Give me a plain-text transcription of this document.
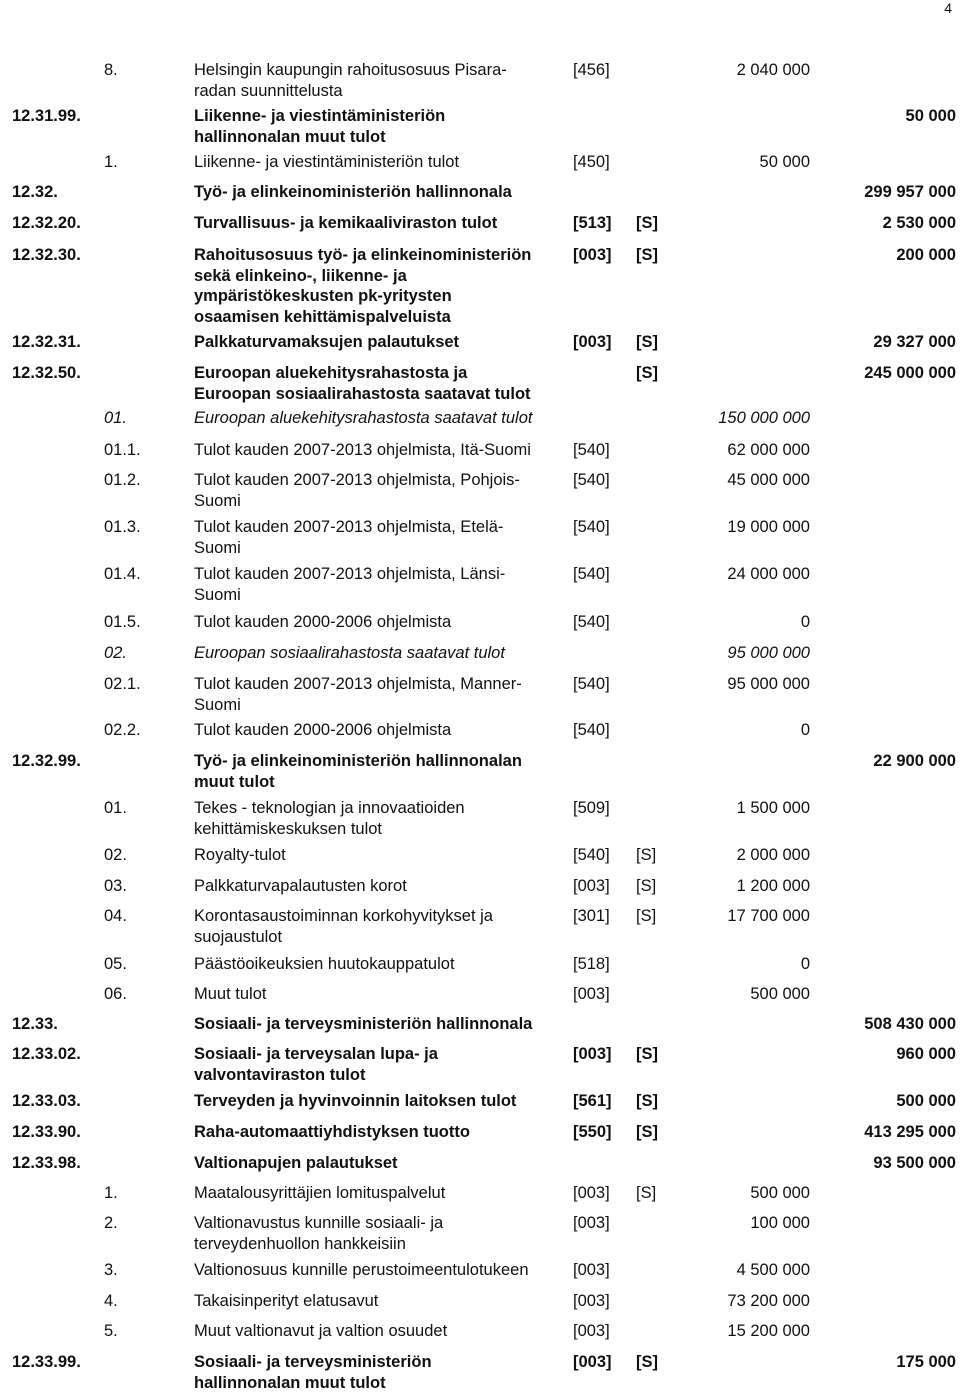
4
8.	Helsingin kaupungin rahoitusosuus Pisara-
radan suunnittelusta
[456]	2 040 000
12.31.99.	Liikenne- ja viestintäministeriön
hallinnonalan muut tulot
50 000
1.	Liikenne- ja viestintäministeriön tulot	[450]	50 000
12.32.	Työ- ja elinkeinoministeriön hallinnonala	299 957 000
12.32.20.	Turvallisuus- ja kemikaaliviraston tulot	[513] [S]	2 530 000
12.32.30.	Rahoitusosuus työ- ja elinkeinoministeriön
sekä elinkeino-, liikenne- ja
ympäristökeskusten pk-yritysten
osaamisen kehittämispalveluista
[003] [S]	200 000
12.32.31.	Palkkaturvamaksujen palautukset	[003] [S]	29 327 000
12.32.50.	Euroopan aluekehitysrahastosta ja
Euroopan sosiaalirahastosta saatavat tulot
[S]	245 000 000
01.	Euroopan aluekehitysrahastosta saatavat tulot	150 000 000
01.1.	Tulot kauden 2007-2013 ohjelmista, Itä-Suomi	[540]	62 000 000
01.2.	Tulot kauden 2007-2013 ohjelmista, Pohjois-
Suomi
[540]	45 000 000
01.3.	Tulot kauden 2007-2013 ohjelmista, Etelä-
Suomi
[540]	19 000 000
01.4.	Tulot kauden 2007-2013 ohjelmista, Länsi-
Suomi
[540]	24 000 000
01.5.	Tulot kauden 2000-2006 ohjelmista	[540]	0
02.	Euroopan sosiaalirahastosta saatavat tulot	95 000 000
02.1.	Tulot kauden 2007-2013 ohjelmista, Manner-
Suomi
[540]	95 000 000
02.2.	Tulot kauden 2000-2006 ohjelmista	[540]	0
12.32.99.	Työ- ja elinkeinoministeriön hallinnonalan
muut tulot
22 900 000
01.	Tekes - teknologian ja innovaatioiden
kehittämiskeskuksen tulot
[509]	1 500 000
02.	Royalty-tulot	[540] [S]	2 000 000
03.	Palkkaturvapalautusten korot	[003] [S]	1 200 000
04.	Korontasaustoiminnan korkohyvitykset ja
suojaustulot
[301] [S]	17 700 000
05.	Päästöoikeuksien huutokauppatulot	[518]	0
06.	Muut tulot	[003]	500 000
12.33.	Sosiaali- ja terveysministeriön hallinnonala	508 430 000
12.33.02.	Sosiaali- ja terveysalan lupa- ja
valvontaviraston tulot
[003] [S]	960 000
12.33.03.	Terveyden ja hyvinvoinnin laitoksen tulot	[561] [S]	500 000
12.33.90.	Raha-automaattiyhdistyksen tuotto	[550] [S]	413 295 000
12.33.98.	Valtionapujen palautukset	93 500 000
1.	Maatalousyrittäjien lomituspalvelut	[003] [S]	500 000
2.	Valtionavustus kunnille sosiaali- ja
terveydenhuollon hankkeisiin
[003]	100 000
3.	Valtionosuus kunnille perustoimeentulotukeen	[003]	4 500 000
4.	Takaisinperityt elatusavut	[003]	73 200 000
5.	Muut valtionavut ja valtion osuudet	[003]	15 200 000
12.33.99.	Sosiaali- ja terveysministeriön
hallinnonalan muut tulot
[003] [S]	175 000
